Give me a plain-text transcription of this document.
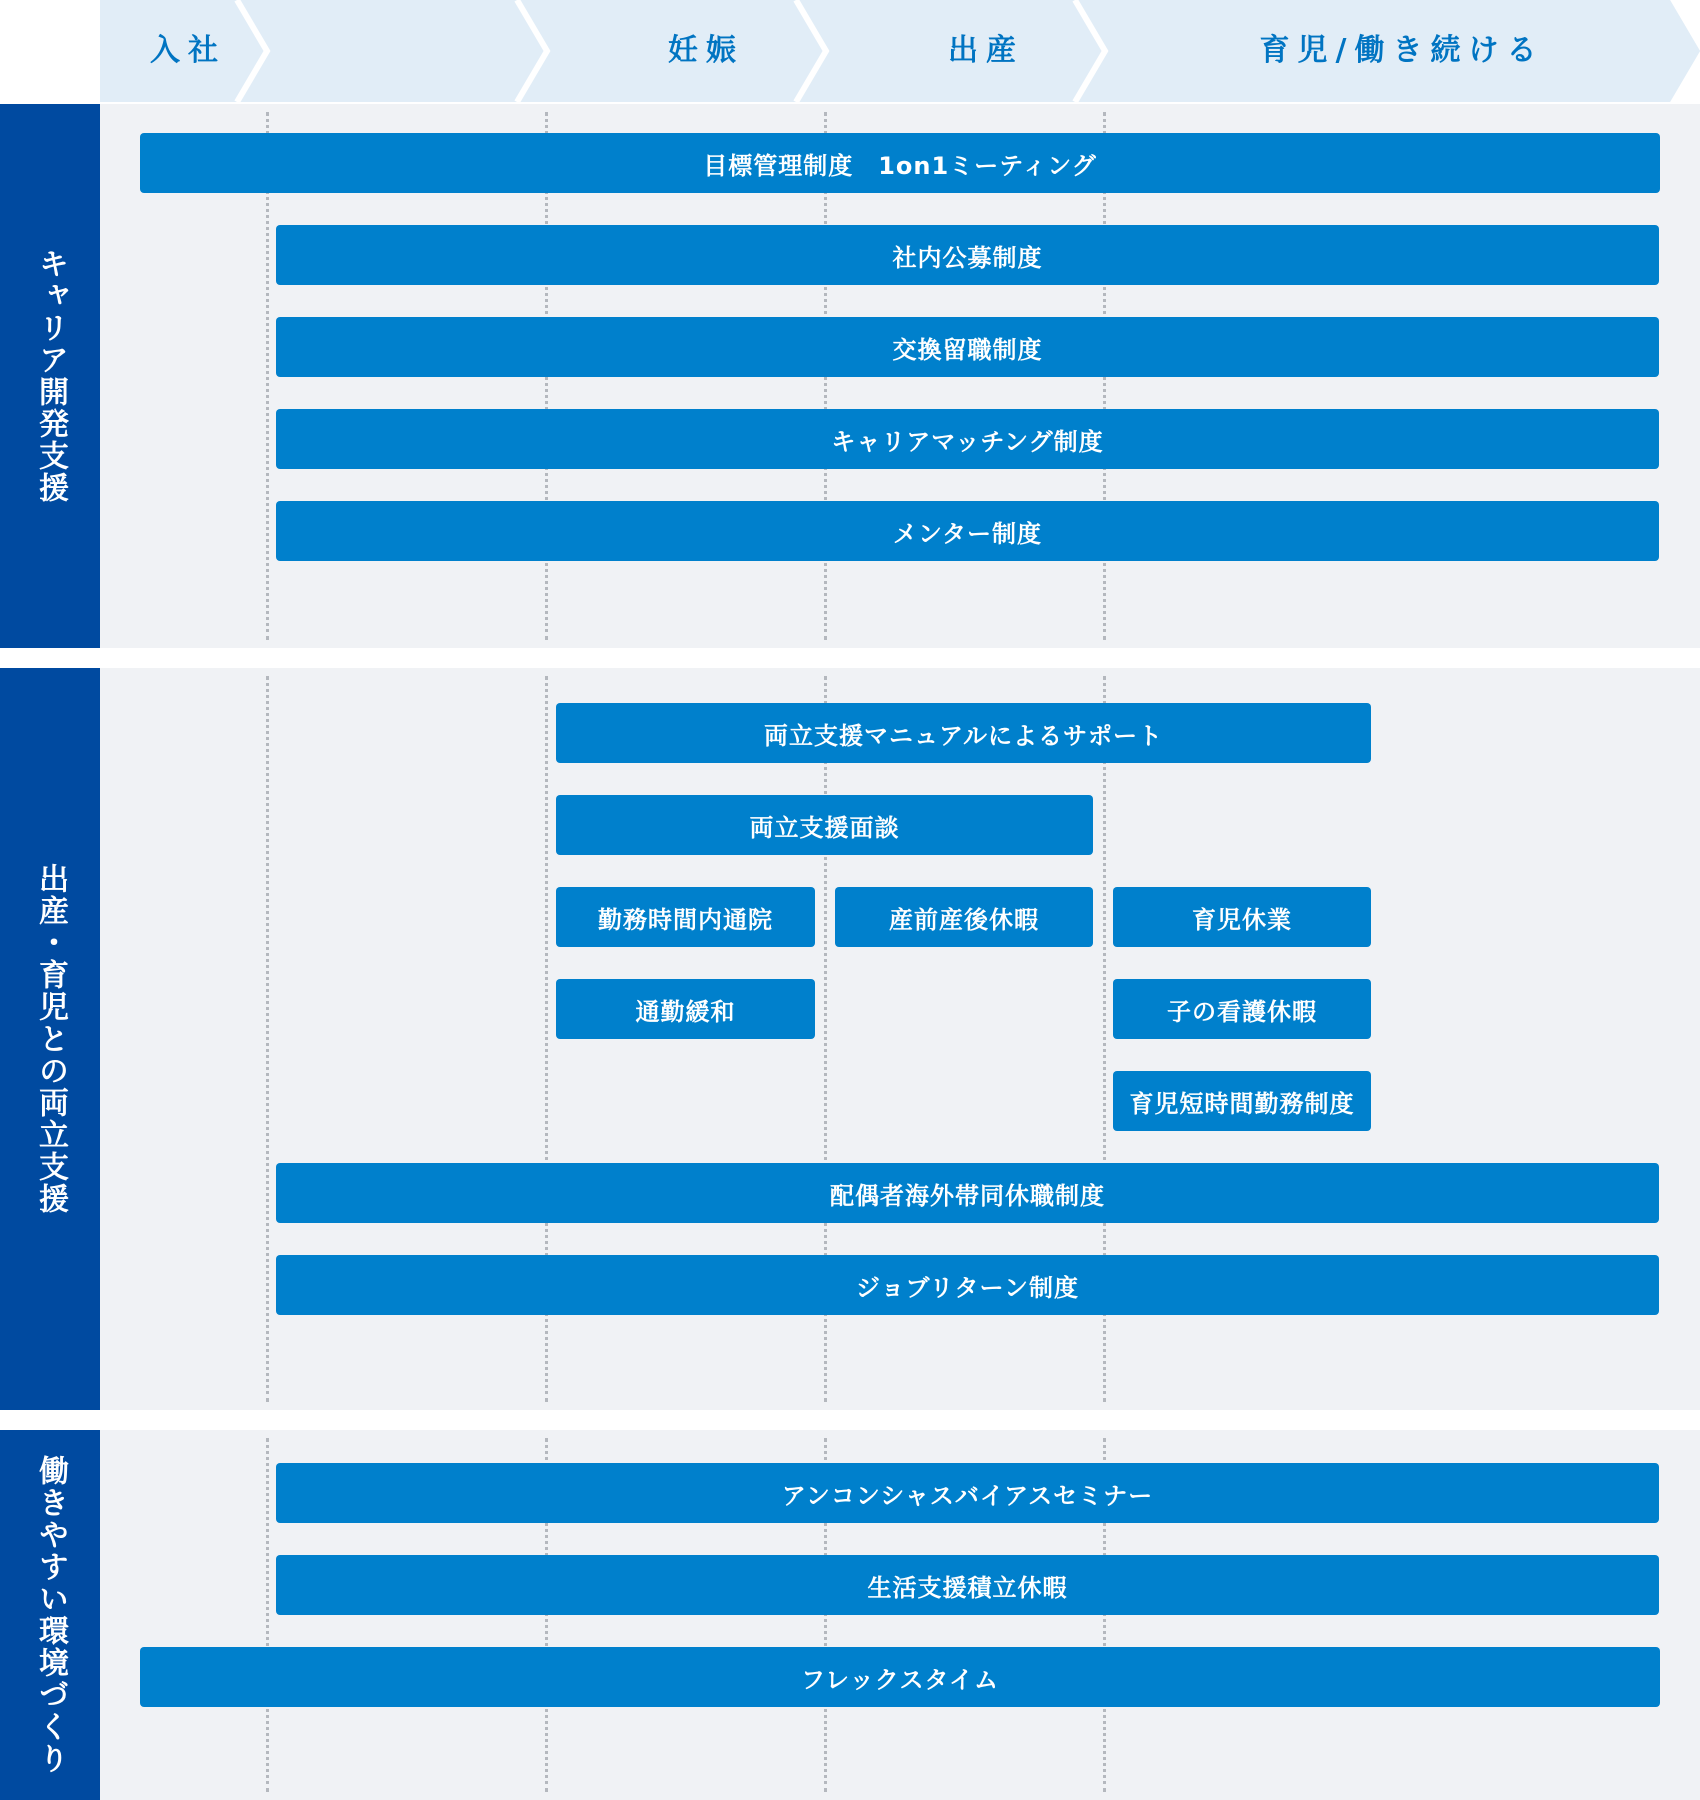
入社	妊娠	出産	育児/働き続ける
キャリア開発支援
目標管理制度　1on1ミーティング
社内公募制度
交換留職制度
キャリアマッチング制度
メンター制度
出産・育児との両立支援
両立支援マニュアルによるサポート
両立支援面談
勤務時間内通院	産前産後休暇	育児休業
通勤緩和	子の看護休暇
育児短時間勤務制度
配偶者海外帯同休職制度
ジョブリターン制度
働きやすい環境づくり	アンコンシャスバイアスセミナー
生活支援積立休暇
フレックスタイム
